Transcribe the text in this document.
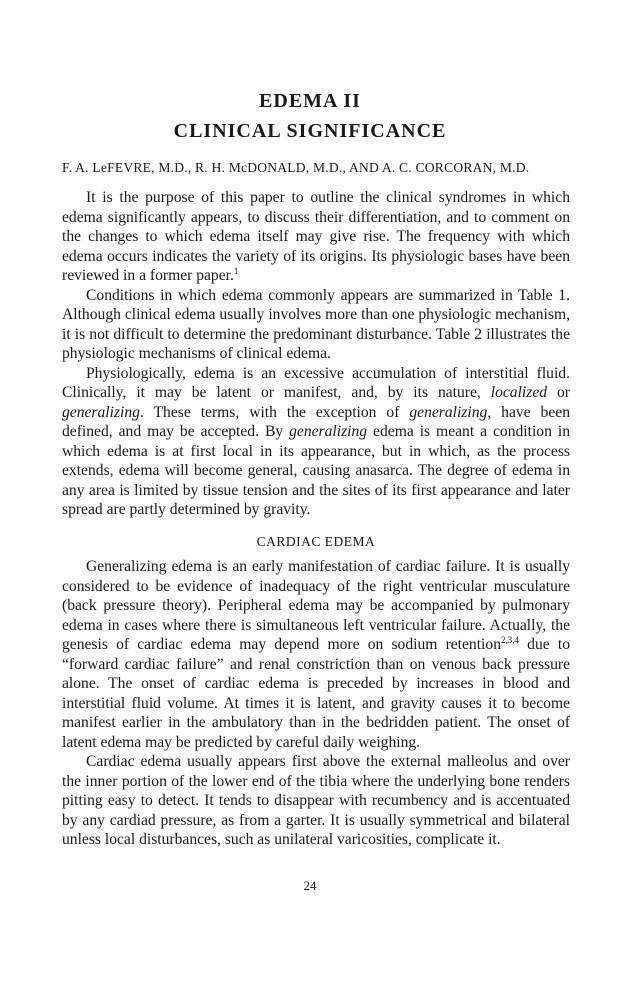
EDEMA II
CLINICAL SIGNIFICANCE
F. A. LeFEVRE, M.D., R. H. McDONALD, M.D., AND A. C. CORCORAN, M.D.

It is the purpose of this paper to outline the clinical syndromes in which edema significantly appears, to discuss their differentiation, and to comment on the changes to which edema itself may give rise. The frequency with which edema occurs indicates the variety of its origins. Its physiologic bases have been reviewed in a former paper.$^1$

Conditions in which edema commonly appears are summarized in Table 1. Although clinical edema usually involves more than one physiologic mechanism, it is not difficult to determine the predominant disturbance. Table 2 illustrates the physiologic mechanisms of clinical edema.

Physiologically, edema is an excessive accumulation of interstitial fluid. Clinically, it may be latent or manifest, and, by its nature, localized or generalizing. These terms, with the exception of generalizing, have been defined, and may be accepted. By generalizing edema is meant a condition in which edema is at first local in its appearance, but in which, as the process extends, edema will become general, causing anasarca. The degree of edema in any area is limited by tissue tension and the sites of its first appearance and later spread are partly determined by gravity.

CARDIAC EDEMA

Generalizing edema is an early manifestation of cardiac failure. It is usually considered to be evidence of inadequacy of the right ventricular musculature (back pressure theory). Peripheral edema may be accompanied by pulmonary edema in cases where there is simultaneous left ventricular failure. Actually, the genesis of cardiac edema may depend more on sodium retention$^{2,3,4}$ due to “forward cardiac failure” and renal constriction than on venous back pressure alone. The onset of cardiac edema is preceded by increases in blood and interstitial fluid volume. At times it is latent, and gravity causes it to become manifest earlier in the ambulatory than in the bedridden patient. The onset of latent edema may be predicted by careful daily weighing.

Cardiac edema usually appears first above the external malleolus and over the inner portion of the lower end of the tibia where the underlying bone renders pitting easy to detect. It tends to disappear with recumbency and is accentuated by any cardiad pressure, as from a garter. It is usually symmetrical and bilateral unless local disturbances, such as unilateral varicosities, complicate it.

24
